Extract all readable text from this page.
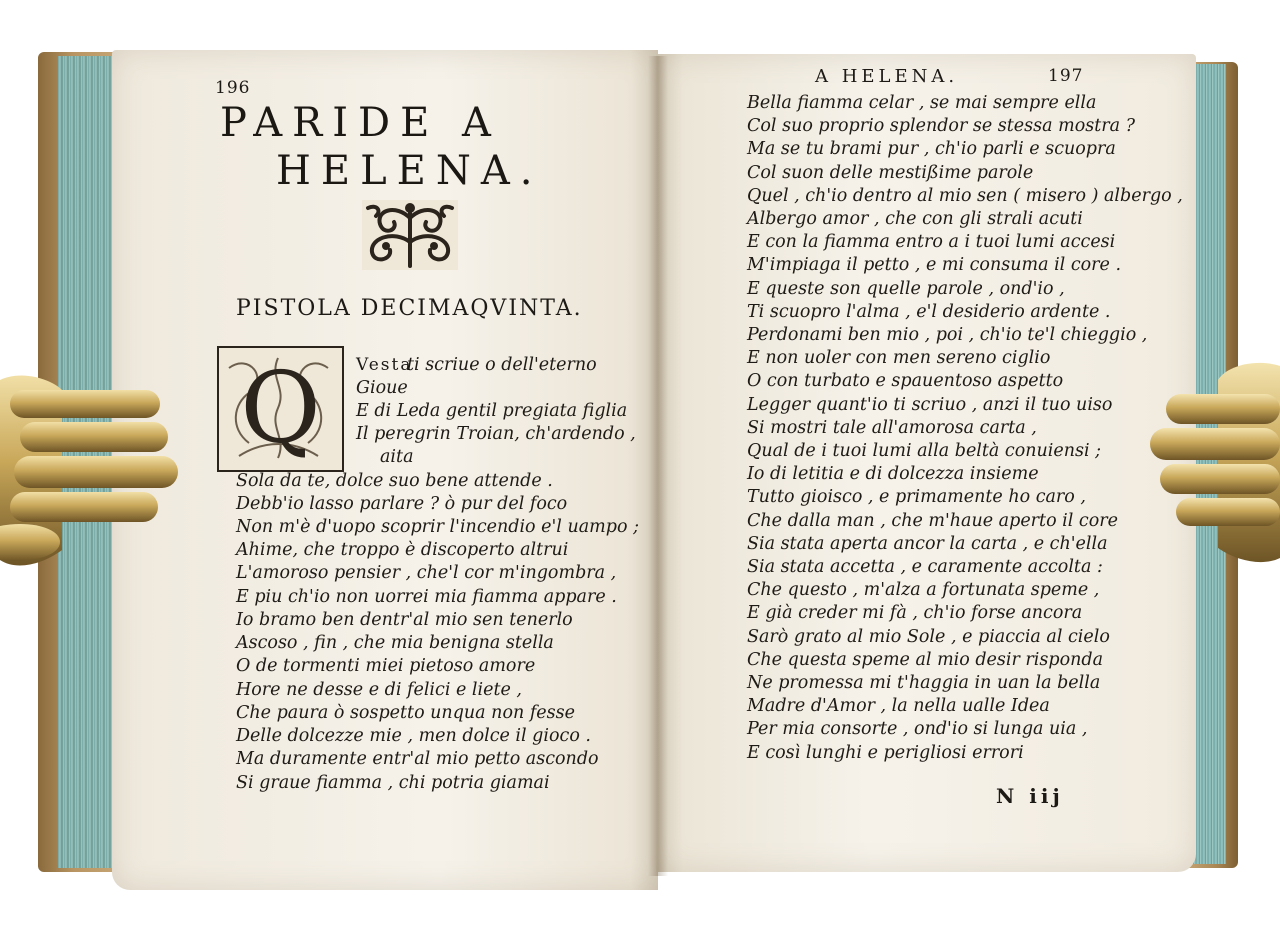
196
PARIDE A
HELENA.
PISTOLA DECIMAQVINTA.
Q	Vesta
ti scriue o dell'eterno
Gioue
E di Leda gentil pregiata figlia
Il peregrin Troian, ch'ardendo ,
aita
Sola da te, dolce suo bene attende .
Debb'io lasso parlare ? ò pur del foco
Non m'è d'uopo scoprir l'incendio e'l uampo ;
Ahime, che troppo è discoperto altrui
L'amoroso pensier , che'l cor m'ingombra ,
E piu ch'io non uorrei mia fiamma appare .
Io bramo ben dentr'al mio sen tenerlo
Ascoso , fin , che mia benigna stella
O de tormenti miei pietoso amore
Hore ne desse e di felici e liete ,
Che paura ò sospetto unqua non fesse
Delle dolcezze mie , men dolce il gioco .
Ma duramente entr'al mio petto ascondo
Si graue fiamma , chi potria giamai
A HELENA.	197
Bella fiamma celar , se mai sempre ella
Col suo proprio splendor se stessa mostra ?
Ma se tu brami pur , ch'io parli e scuopra
Col suon delle mestißime parole
Quel , ch'io dentro al mio sen ( misero ) albergo ,
Albergo amor , che con gli strali acuti
E con la fiamma entro a i tuoi lumi accesi
M'impiaga il petto , e mi consuma il core .
E queste son quelle parole , ond'io ,
Ti scuopro l'alma , e'l desiderio ardente .
Perdonami ben mio , poi , ch'io te'l chieggio ,
E non uoler con men sereno ciglio
O con turbato e spauentoso aspetto
Legger quant'io ti scriuo , anzi il tuo uiso
Si mostri tale all'amorosa carta ,
Qual de i tuoi lumi alla beltà conuiensi ;
Io di letitia e di dolcezza insieme
Tutto gioisco , e primamente ho caro ,
Che dalla man , che m'haue aperto il core
Sia stata aperta ancor la carta , e ch'ella
Sia stata accetta , e caramente accolta :
Che questo , m'alza a fortunata speme ,
E già creder mi fà , ch'io forse ancora
Sarò grato al mio Sole , e piaccia al cielo
Che questa speme al mio desir risponda
Ne promessa mi t'haggia in uan la bella
Madre d'Amor , la nella ualle Idea
Per mia consorte , ond'io si lunga uia ,
E così lunghi e perigliosi errori
N iij
